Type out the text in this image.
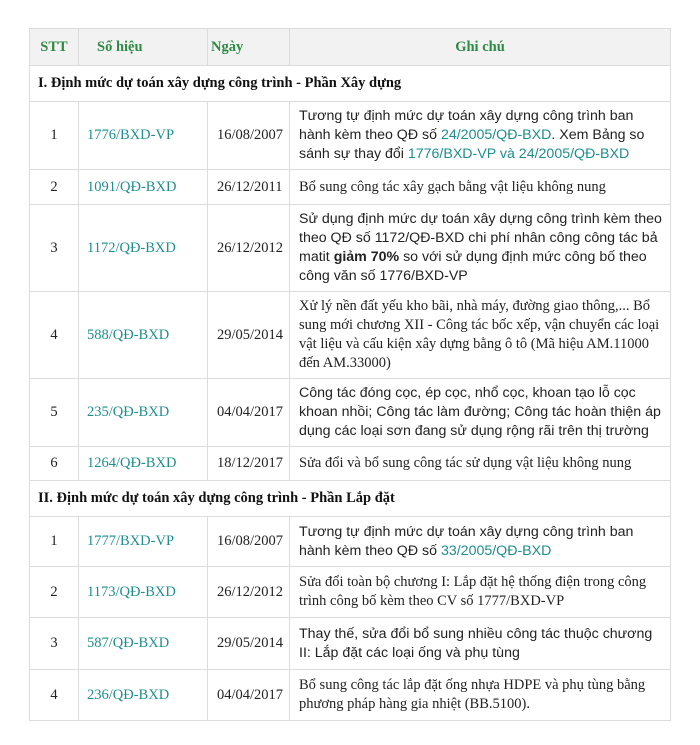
STT	Số hiệu	Ngày	Ghi chú
I. Định mức dự toán xây dựng công trình - Phần Xây dựng			
1	1776/BXD-VP	16/08/2007	Tương tự định mức dự toán xây dựng công trình ban hành kèm theo QĐ số 24/2005/QĐ-BXD. Xem Bảng so sánh sự thay đổi 1776/BXD-VP và 24/2005/QĐ-BXD
2	1091/QĐ-BXD	26/12/2011	Bổ sung công tác xây gạch bằng vật liệu không nung
3	1172/QĐ-BXD	26/12/2012	Sử dụng định mức dự toán xây dựng công trình kèm theo theo QĐ số 1172/QĐ-BXD chi phí nhân công công tác bả matit giảm 70% so với sử dụng định mức công bố theo công văn số 1776/BXD-VP
4	588/QĐ-BXD	29/05/2014	Xử lý nền đất yếu kho bãi, nhà máy, đường giao thông,... Bổ sung mới chương XII - Công tác bốc xếp, vận chuyển các loại vật liệu và cấu kiện xây dựng bằng ô tô (Mã hiệu AM.11000 đến AM.33000)
5	235/QĐ-BXD	04/04/2017	Công tác đóng cọc, ép cọc, nhổ cọc, khoan tạo lỗ cọc khoan nhồi; Công tác làm đường; Công tác hoàn thiện áp dụng các loại sơn đang sử dụng rộng rãi trên thị trường
6	1264/QĐ-BXD	18/12/2017	Sửa đổi và bổ sung công tác sử dụng vật liệu không nung
II. Định mức dự toán xây dựng công trình - Phần Lắp đặt			
1	1777/BXD-VP	16/08/2007	Tương tự định mức dự toán xây dựng công trình ban hành kèm theo QĐ số 33/2005/QĐ-BXD
2	1173/QĐ-BXD	26/12/2012	Sửa đổi toàn bộ chương I: Lắp đặt hệ thống điện trong công trình công bố kèm theo CV số 1777/BXD-VP
3	587/QĐ-BXD	29/05/2014	Thay thế, sửa đổi bổ sung nhiều công tác thuộc chương II: Lắp đặt các loại ống và phụ tùng
4	236/QĐ-BXD	04/04/2017	Bổ sung công tác lắp đặt ống nhựa HDPE và phụ tùng bằng phương pháp hàng gia nhiệt (BB.5100).
